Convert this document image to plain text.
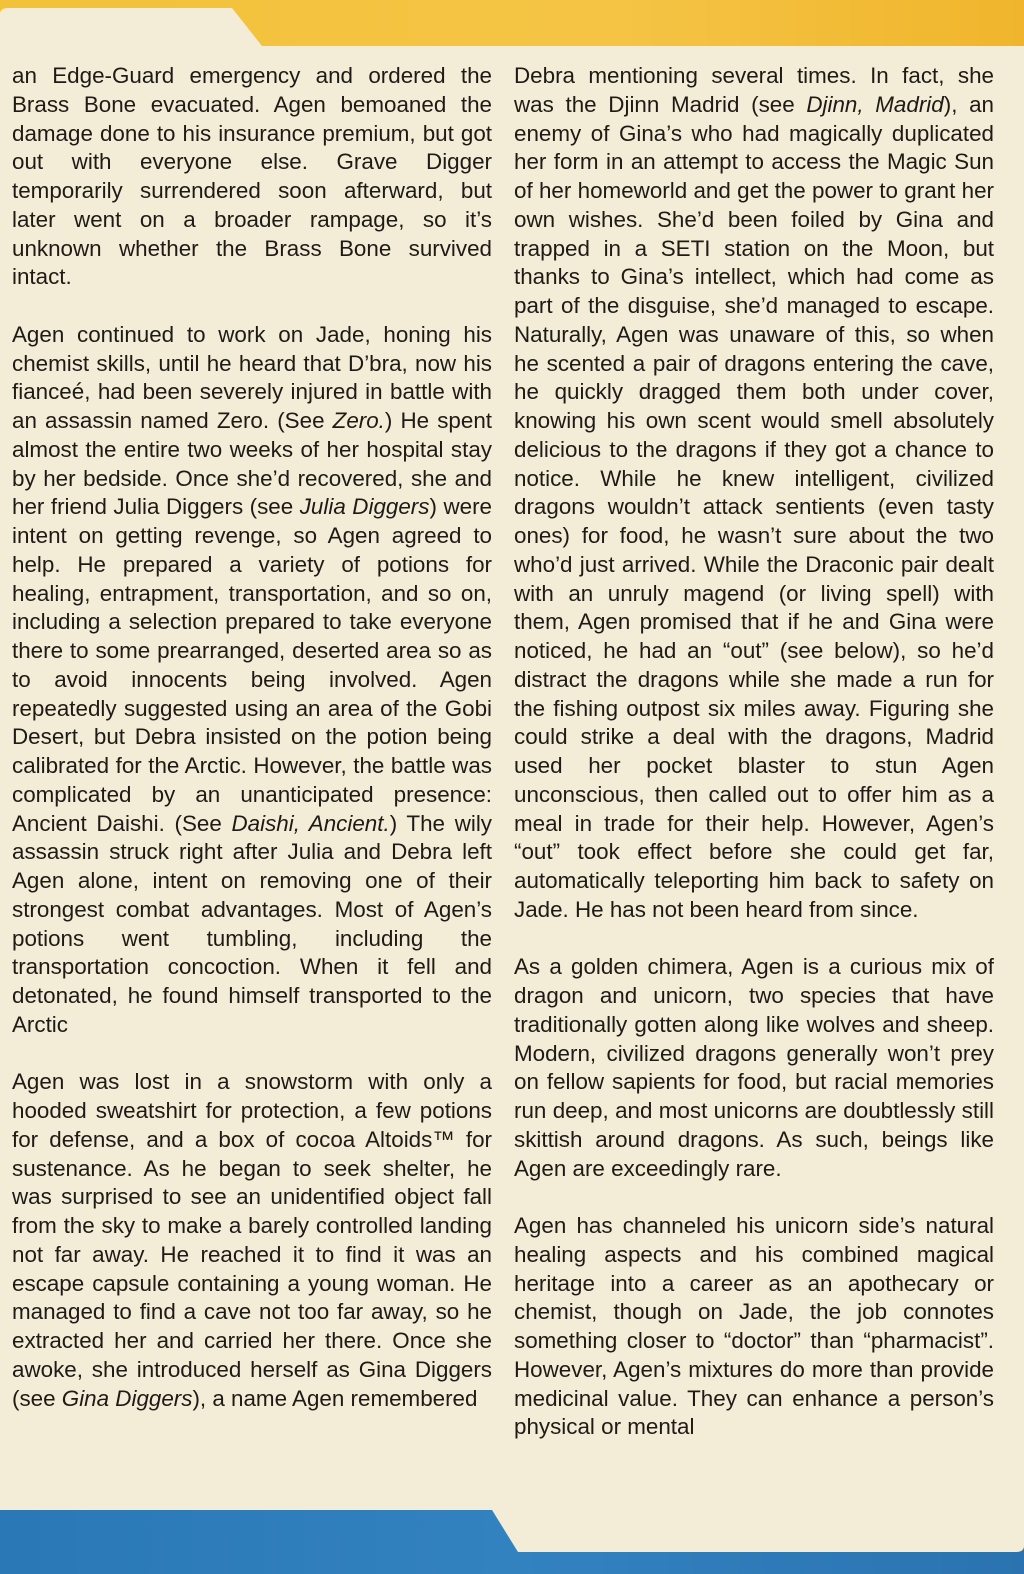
an Edge-Guard emergency and ordered the Brass Bone evacuated. Agen bemoaned the damage done to his insurance premium, but got out with everyone else. Grave Digger temporarily surrendered soon afterward, but later went on a broader rampage, so it’s unknown whether the Brass Bone survived intact.

Agen continued to work on Jade, honing his chemist skills, until he heard that D’bra, now his fianceé, had been severely injured in battle with an assassin named Zero. (See Zero.) He spent almost the entire two weeks of her hospital stay by her bedside. Once she’d recovered, she and her friend Julia Diggers (see Julia Diggers) were intent on getting revenge, so Agen agreed to help. He prepared a variety of potions for healing, entrapment, transportation, and so on, including a selection prepared to take everyone there to some prearranged, deserted area so as to avoid innocents being involved. Agen repeatedly suggested using an area of the Gobi Desert, but Debra insisted on the potion being calibrated for the Arctic. However, the battle was complicated by an unanticipated presence: Ancient Daishi. (See Daishi, Ancient.) The wily assassin struck right after Julia and Debra left Agen alone, intent on removing one of their strongest combat advantages. Most of Agen’s potions went tumbling, including the transportation concoction. When it fell and detonated, he found himself transported to the Arctic

Agen was lost in a snowstorm with only a hooded sweatshirt for protection, a few potions for defense, and a box of cocoa Altoids™ for sustenance. As he began to seek shelter, he was surprised to see an unidentified object fall from the sky to make a barely controlled landing not far away. He reached it to find it was an escape capsule containing a young woman. He managed to find a cave not too far away, so he extracted her and carried her there. Once she awoke, she introduced herself as Gina Diggers (see Gina Diggers), a name Agen remembered

Debra mentioning several times. In fact, she was the Djinn Madrid (see Djinn, Madrid), an enemy of Gina’s who had magically duplicated her form in an attempt to access the Magic Sun of her homeworld and get the power to grant her own wishes. She’d been foiled by Gina and trapped in a SETI station on the Moon, but thanks to Gina’s intellect, which had come as part of the disguise, she’d managed to escape. Naturally, Agen was unaware of this, so when he scented a pair of dragons entering the cave, he quickly dragged them both under cover, knowing his own scent would smell absolutely delicious to the dragons if they got a chance to notice. While he knew intelligent, civilized dragons wouldn’t attack sentients (even tasty ones) for food, he wasn’t sure about the two who’d just arrived. While the Draconic pair dealt with an unruly magend (or living spell) with them, Agen promised that if he and Gina were noticed, he had an “out” (see below), so he’d distract the dragons while she made a run for the fishing outpost six miles away. Figuring she could strike a deal with the dragons, Madrid used her pocket blaster to stun Agen unconscious, then called out to offer him as a meal in trade for their help. However, Agen’s “out” took effect before she could get far, automatically teleporting him back to safety on Jade. He has not been heard from since.

As a golden chimera, Agen is a curious mix of dragon and unicorn, two species that have traditionally gotten along like wolves and sheep. Modern, civilized dragons generally won’t prey on fellow sapients for food, but racial memories run deep, and most unicorns are doubtlessly still skittish around dragons. As such, beings like Agen are exceedingly rare.

Agen has channeled his unicorn side’s natural healing aspects and his combined magical heritage into a career as an apothecary or chemist, though on Jade, the job connotes something closer to “doctor” than “pharmacist”. However, Agen’s mixtures do more than provide medicinal value. They can enhance a person’s physical or mental
